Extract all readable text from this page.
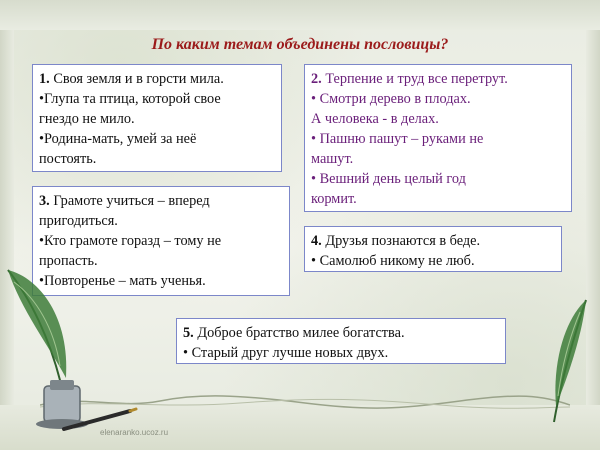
По каким темам объединены пословицы?
1. Своя земля и в горсти мила.
•Глупа та птица, которой свое
гнездо не мило.
•Родина-мать, умей за неё
постоять.
2. Терпение и труд все перетрут.
• Смотри дерево в плодах.
А человека - в делах.
• Пашню пашут – руками не
машут.
• Вешний день целый год
кормит.
3. Грамоте учиться – вперед
пригодиться.
•Кто грамоте горазд – тому не
пропасть.
•Повторенье – мать ученья.
4. Друзья познаются в беде.
• Самолюб никому не люб.
5. Доброе братство милее богатства.
• Старый друг лучше новых двух.
elenaranko.ucoz.ru
